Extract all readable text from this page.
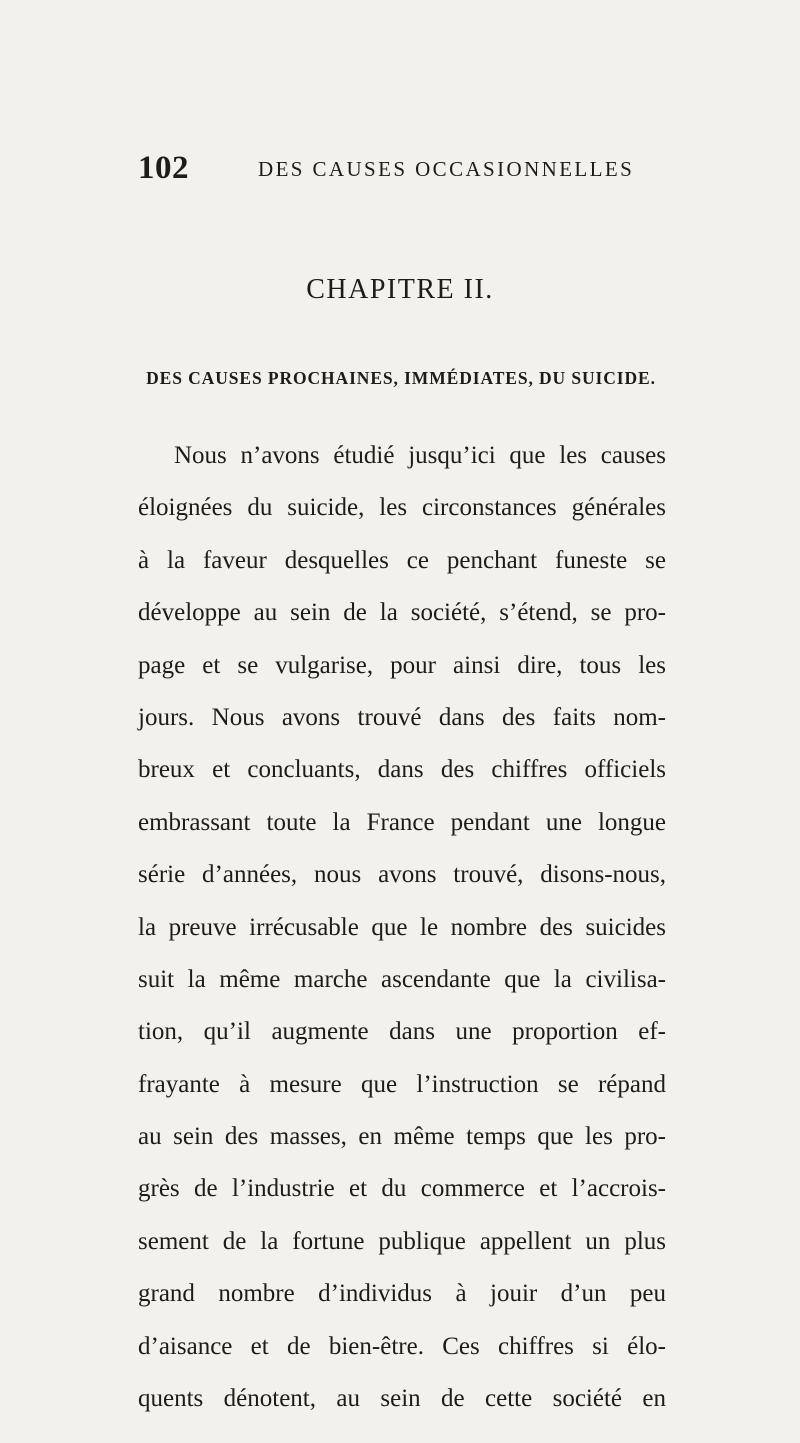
102	DES CAUSES OCCASIONNELLES
CHAPITRE II.
DES CAUSES PROCHAINES, IMMÉDIATES, DU SUICIDE.
Nous n’avons étudié jusqu’ici que les causes
éloignées du suicide, les circonstances générales
à la faveur desquelles ce penchant funeste se
développe au sein de la société, s’étend, se pro-
page et se vulgarise, pour ainsi dire, tous les
jours. Nous avons trouvé dans des faits nom-
breux et concluants, dans des chiffres officiels
embrassant toute la France pendant une longue
série d’années, nous avons trouvé, disons-nous,
la preuve irrécusable que le nombre des suicides
suit la même marche ascendante que la civilisa-
tion, qu’il augmente dans une proportion ef-
frayante à mesure que l’instruction se répand
au sein des masses, en même temps que les pro-
grès de l’industrie et du commerce et l’accrois-
sement de la fortune publique appellent un plus
grand nombre d’individus à jouir d’un peu
d’aisance et de bien-être. Ces chiffres si élo-
quents dénotent, au sein de cette société en
